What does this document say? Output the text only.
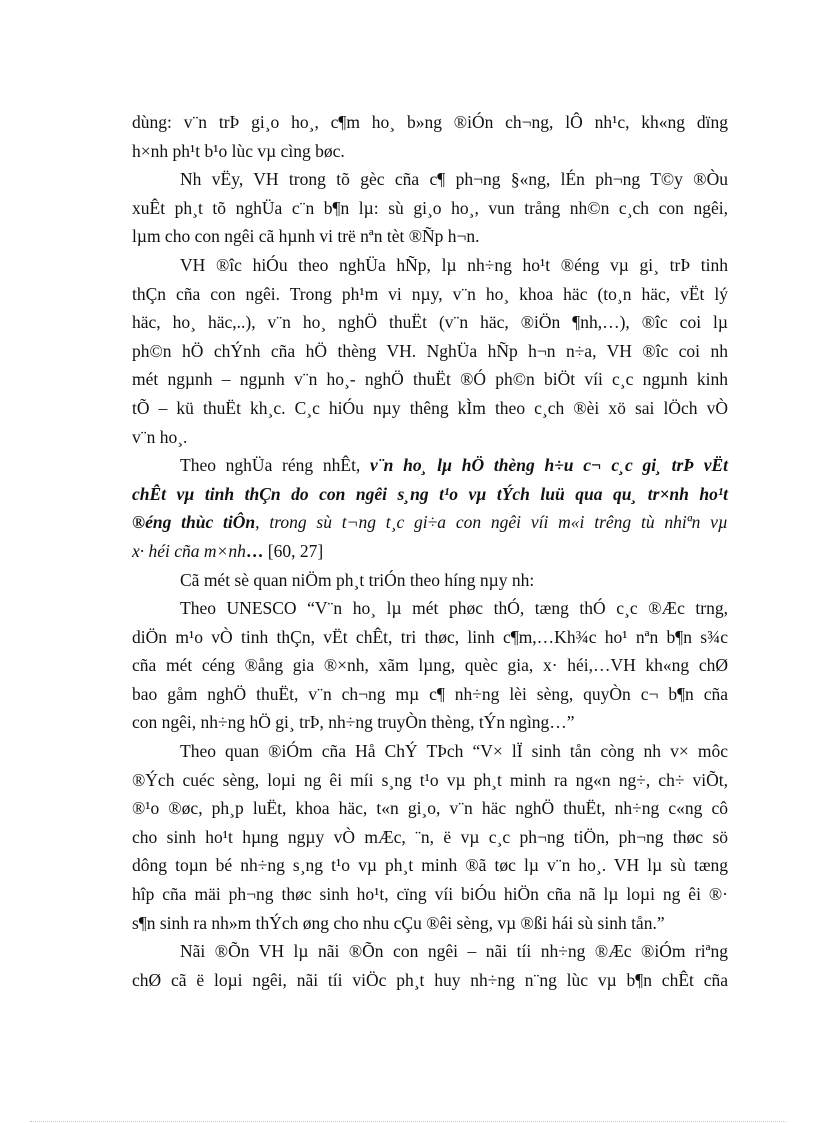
dùng: v¨n trÞ gi¸o ho¸, c¶m ho¸ b»ng ®iÓn ch¬ng, lÔ nh¹c, kh«ng dïng
h×nh ph¹t b¹o lùc vµ cìng bøc.
Nh vËy, VH trong tõ gèc cña c¶ ph¬ng §«ng, lÉn ph¬ng T©y ®Òu
xuÊt ph¸t tõ nghÜa c¨n b¶n lµ: sù gi¸o ho¸, vun trång nh©n c¸ch con ngêi,
lµm cho con ngêi cã hµnh vi trë nªn tèt ®Ñp h¬n.
VH ®îc hiÓu theo nghÜa hÑp, lµ nh÷ng ho¹t ®éng vµ gi¸ trÞ tinh
thÇn cña con ngêi. Trong ph¹m vi nµy, v¨n ho¸ khoa häc (to¸n häc, vËt lý
häc, ho¸ häc,..), v¨n ho¸ nghÖ thuËt (v¨n häc, ®iÖn ¶nh,…), ®îc coi lµ
ph©n hÖ chÝnh cña hÖ thèng VH. NghÜa hÑp h¬n n÷a, VH ®îc coi nh
mét ngµnh – ngµnh v¨n ho¸- nghÖ thuËt ®Ó ph©n biÖt víi c¸c ngµnh kinh
tÕ – kü thuËt kh¸c. C¸c hiÓu nµy thêng kÌm theo c¸ch ®èi xö sai lÖch vÒ
v¨n ho¸.
Theo nghÜa réng nhÊt, v¨n ho¸ lµ hÖ thèng h÷u c¬ c¸c gi¸ trÞ vËt
chÊt vµ tinh thÇn do con ngêi s¸ng t¹o vµ tÝch luü qua qu¸ tr×nh ho¹t
®éng thùc tiÔn, trong sù t¬ng t¸c gi÷a con ngêi víi m«i trêng tù nhiªn vµ
x· héi cña m×nh… [60, 27]
Cã mét sè quan niÖm ph¸t triÓn theo híng nµy nh:
Theo UNESCO “V¨n ho¸ lµ mét phøc thÓ, tæng thÓ c¸c ®Æc trng,
diÖn m¹o vÒ tinh thÇn, vËt chÊt, tri thøc, linh c¶m,…Kh¾c ho¹ nªn b¶n s¾c
cña mét céng ®ång gia ®×nh, xãm lµng, quèc gia, x· héi,…VH kh«ng chØ
bao gåm nghÖ thuËt, v¨n ch¬ng mµ c¶ nh÷ng lèi sèng, quyÒn c¬ b¶n cña
con ngêi, nh÷ng hÖ gi¸ trÞ, nh÷ng truyÒn thèng, tÝn ngìng…”
Theo quan ®iÓm cña Hå ChÝ TÞch “V× lÏ sinh tån còng nh v× môc
®Ých cuéc sèng, loµi ng êi míi s¸ng t¹o vµ ph¸t minh ra ng«n ng÷, ch÷ viÕt,
®¹o ®øc, ph¸p luËt, khoa häc, t«n gi¸o, v¨n häc nghÖ thuËt, nh÷ng c«ng cô
cho sinh ho¹t hµng ngµy vÒ mÆc, ¨n, ë vµ c¸c ph¬ng tiÖn, ph¬ng thøc sö
dông toµn bé nh÷ng s¸ng t¹o vµ ph¸t minh ®ã tøc lµ v¨n ho¸. VH lµ sù tæng
hîp cña mäi ph¬ng thøc sinh ho¹t, cïng víi biÓu hiÖn cña nã lµ loµi ng êi ®·
s¶n sinh ra nh»m thÝch øng cho nhu cÇu ®êi sèng, vµ ®ßi hái sù sinh tån.”
Nãi ®Õn VH lµ nãi ®Õn con ngêi – nãi tíi nh÷ng ®Æc ®iÓm riªng
chØ cã ë loµi ngêi, nãi tíi viÖc ph¸t huy nh÷ng n¨ng lùc vµ b¶n chÊt cña
